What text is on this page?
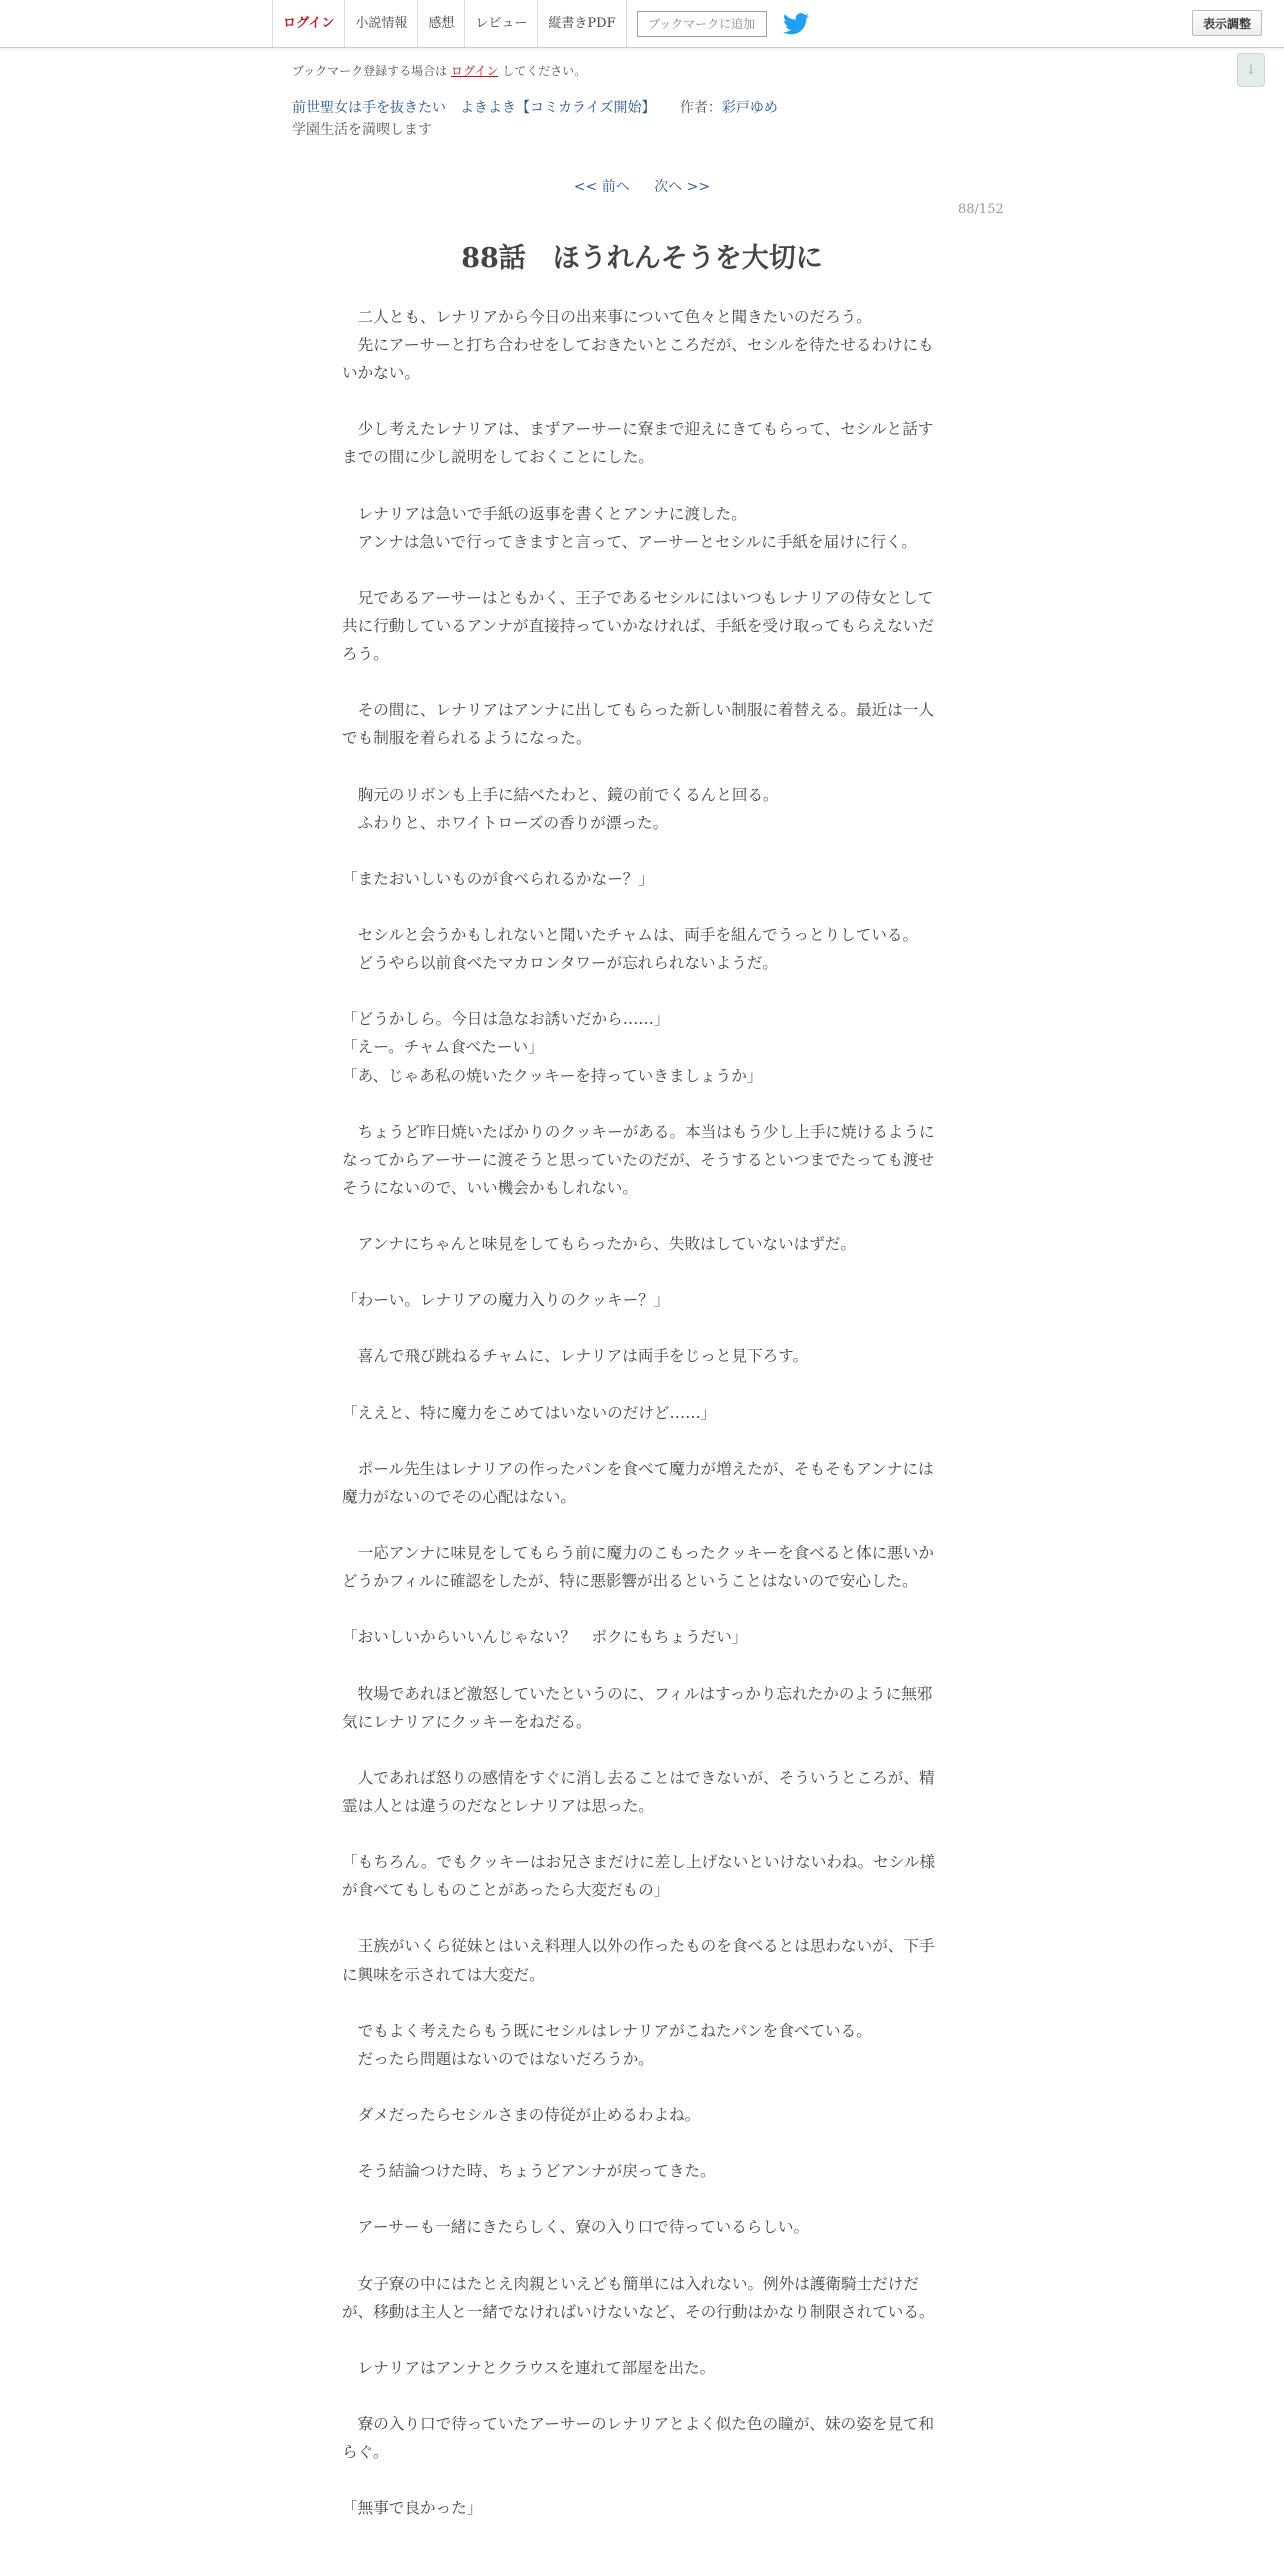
ログイン	小説情報	感想	レビュー	縦書きPDF	ブックマークに追加	表示調整
↓
ブックマーク登録する場合は ログイン してください。
前世聖女は手を抜きたい　よきよき【コミカライズ開始】 作者：彩戸ゆめ
学園生活を満喫します
<< 前へ 次へ >>
88/152
88話　ほうれんそうを大切に

　二人とも、レナリアから今日の出来事について色々と聞きたいのだろう。

　先にアーサーと打ち合わせをしておきたいところだが、セシルを待たせるわけにもいかない。

　少し考えたレナリアは、まずアーサーに寮まで迎えにきてもらって、セシルと話すまでの間に少し説明をしておくことにした。

　レナリアは急いで手紙の返事を書くとアンナに渡した。

　アンナは急いで行ってきますと言って、アーサーとセシルに手紙を届けに行く。

　兄であるアーサーはともかく、王子であるセシルにはいつもレナリアの侍女として共に行動しているアンナが直接持っていかなければ、手紙を受け取ってもらえないだろう。

　その間に、レナリアはアンナに出してもらった新しい制服に着替える。最近は一人でも制服を着られるようになった。

　胸元のリボンも上手に結べたわと、鏡の前でくるんと回る。

　ふわりと、ホワイトローズの香りが漂った。

「またおいしいものが食べられるかなー？」

　セシルと会うかもしれないと聞いたチャムは、両手を組んでうっとりしている。

　どうやら以前食べたマカロンタワーが忘れられないようだ。

「どうかしら。今日は急なお誘いだから……」

「えー。チャム食べたーい」

「あ、じゃあ私の焼いたクッキーを持っていきましょうか」

　ちょうど昨日焼いたばかりのクッキーがある。本当はもう少し上手に焼けるようになってからアーサーに渡そうと思っていたのだが、そうするといつまでたっても渡せそうにないので、いい機会かもしれない。

　アンナにちゃんと味見をしてもらったから、失敗はしていないはずだ。

「わーい。レナリアの魔力入りのクッキー？」

　喜んで飛び跳ねるチャムに、レナリアは両手をじっと見下ろす。

「ええと、特に魔力をこめてはいないのだけど……」

　ポール先生はレナリアの作ったパンを食べて魔力が増えたが、そもそもアンナには魔力がないのでその心配はない。

　一応アンナに味見をしてもらう前に魔力のこもったクッキーを食べると体に悪いかどうかフィルに確認をしたが、特に悪影響が出るということはないので安心した。

「おいしいからいいんじゃない？　ボクにもちょうだい」

　牧場であれほど激怒していたというのに、フィルはすっかり忘れたかのように無邪気にレナリアにクッキーをねだる。

　人であれば怒りの感情をすぐに消し去ることはできないが、そういうところが、精霊は人とは違うのだなとレナリアは思った。

「もちろん。でもクッキーはお兄さまだけに差し上げないといけないわね。セシル様が食べてもしものことがあったら大変だもの」

　王族がいくら従妹とはいえ料理人以外の作ったものを食べるとは思わないが、下手に興味を示されては大変だ。

　でもよく考えたらもう既にセシルはレナリアがこねたパンを食べている。

　だったら問題はないのではないだろうか。

　ダメだったらセシルさまの侍従が止めるわよね。

　そう結論つけた時、ちょうどアンナが戻ってきた。

　アーサーも一緒にきたらしく、寮の入り口で待っているらしい。

　女子寮の中にはたとえ肉親といえども簡単には入れない。例外は護衛騎士だけだが、移動は主人と一緒でなければいけないなど、その行動はかなり制限されている。

　レナリアはアンナとクラウスを連れて部屋を出た。

　寮の入り口で待っていたアーサーのレナリアとよく似た色の瞳が、妹の姿を見て和らぐ。

「無事で良かった」
